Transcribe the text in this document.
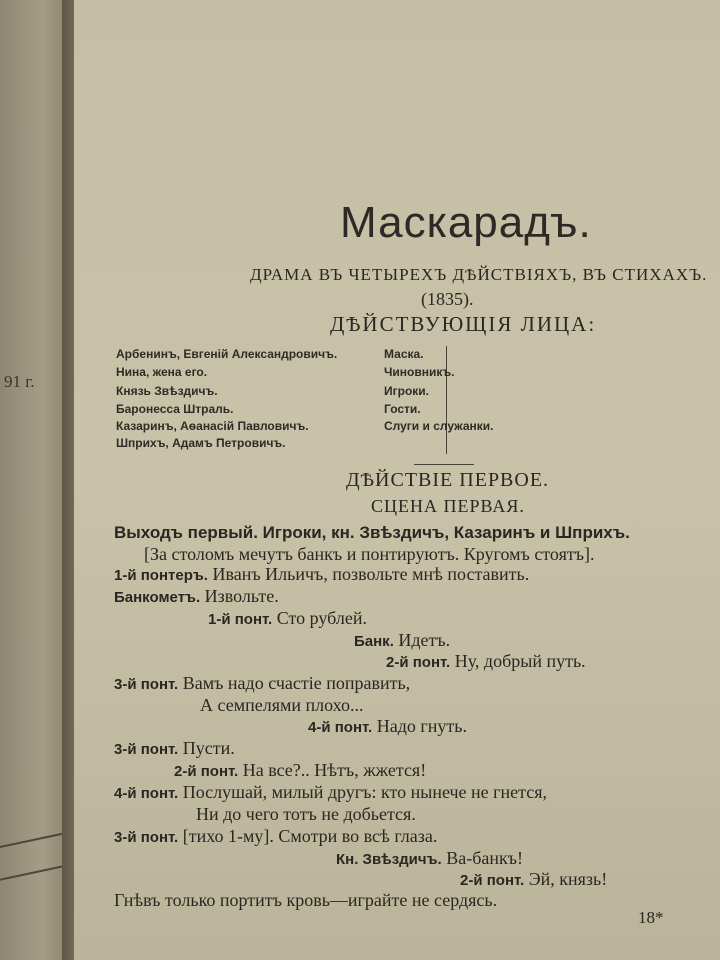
91 г.
Маскарадъ.
ДРАМА ВЪ ЧЕТЫРЕХЪ ДѢЙСТВІЯХЪ, ВЪ СТИХАХЪ.
(1835).
ДѢЙСТВУЮЩІЯ ЛИЦА:
Арбенинъ, Евгеній Александровичъ.
Нина, жена его.
Князь Звѣздичъ.
Баронесса Штраль.
Казаринъ, Аѳанасій Павловичъ.
Шприхъ, Адамъ Петровичъ.
Маска.
Чиновникъ.
Игроки.
Гости.
Слуги и служанки.
ДѢЙСТВІЕ ПЕРВОЕ.
СЦЕНА ПЕРВАЯ.
Выходъ первый. Игроки, кн. Звѣздичъ, Казаринъ и Шприхъ.
[За столомъ мечутъ банкъ и понтируютъ. Кругомъ стоятъ].
1-й понтеръ. Иванъ Ильичъ, позвольте мнѣ поставить.
Банкометъ. Извольте.
1-й понт. Сто рублей.
Банк. Идетъ.
2-й понт. Ну, добрый путь.
3-й понт. Вамъ надо счастіе поправить,
А семпелями плохо...
4-й понт. Надо гнуть.
3-й понт. Пусти.
2-й понт. На все?.. Нѣтъ, жжется!
4-й понт. Послушай, милый другъ: кто нынече не гнется,
Ни до чего тотъ не добьется.
3-й понт. [тихо 1-му]. Смотри во всѣ глаза.
Кн. Звѣздичъ. Ва-банкъ!
2-й понт. Эй, князь!
Гнѣвъ только портитъ кровь—играйте не сердясь.
18*
